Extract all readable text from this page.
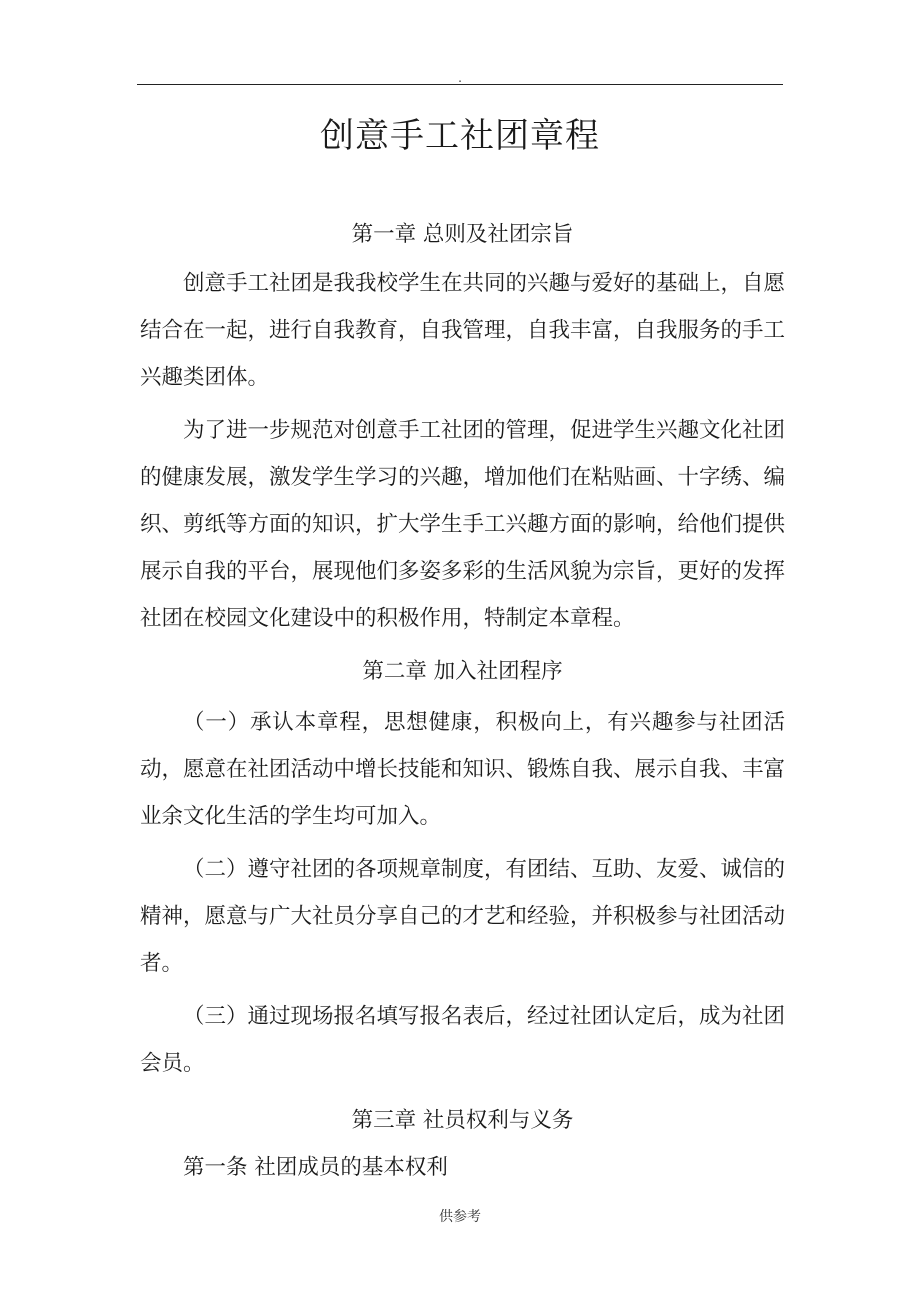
.
创意手工社团章程

第一章 总则及社团宗旨

创意手工社团是我我校学生在共同的兴趣与爱好的基础上，自愿结合在一起，进行自我教育，自我管理，自我丰富，自我服务的手工兴趣类团体。

为了进一步规范对创意手工社团的管理，促进学生兴趣文化社团的健康发展，激发学生学习的兴趣，增加他们在粘贴画、十字绣、编织、剪纸等方面的知识，扩大学生手工兴趣方面的影响，给他们提供展示自我的平台，展现他们多姿多彩的生活风貌为宗旨，更好的发挥社团在校园文化建设中的积极作用，特制定本章程。

第二章 加入社团程序

（一）承认本章程，思想健康，积极向上，有兴趣参与社团活动，愿意在社团活动中增长技能和知识、锻炼自我、展示自我、丰富业余文化生活的学生均可加入。

（二）遵守社团的各项规章制度，有团结、互助、友爱、诚信的精神，愿意与广大社员分享自己的才艺和经验，并积极参与社团活动者。

（三）通过现场报名填写报名表后，经过社团认定后，成为社团会员。

第三章 社员权利与义务

第一条 社团成员的基本权利

供参考
